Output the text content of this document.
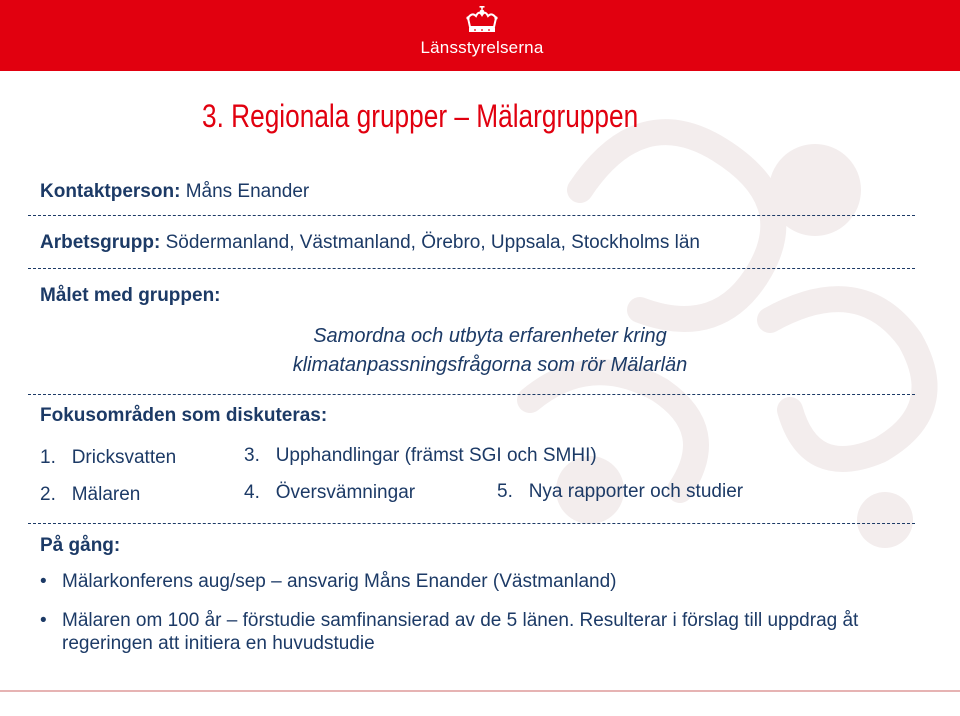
Länsstyrelserna
3. Regionala grupper – Mälargruppen
Kontaktperson: Måns Enander
Arbetsgrupp: Södermanland, Västmanland, Örebro, Uppsala, Stockholms län
Målet med gruppen:
Samordna och utbyta erfarenheter kring
klimatanpassningsfrågorna som rör Mälarlän
Fokusområden som diskuteras:
1. Dricksvatten
2. Mälaren
3. Upphandlingar (främst SGI och SMHI)
4. Översvämningar	5. Nya rapporter och studier
På gång:
• Mälarkonferens aug/sep – ansvarig Måns Enander (Västmanland)
• Mälaren om 100 år – förstudie samfinansierad av de 5 länen. Resulterar i förslag till uppdrag åt regeringen att initiera en huvudstudie
